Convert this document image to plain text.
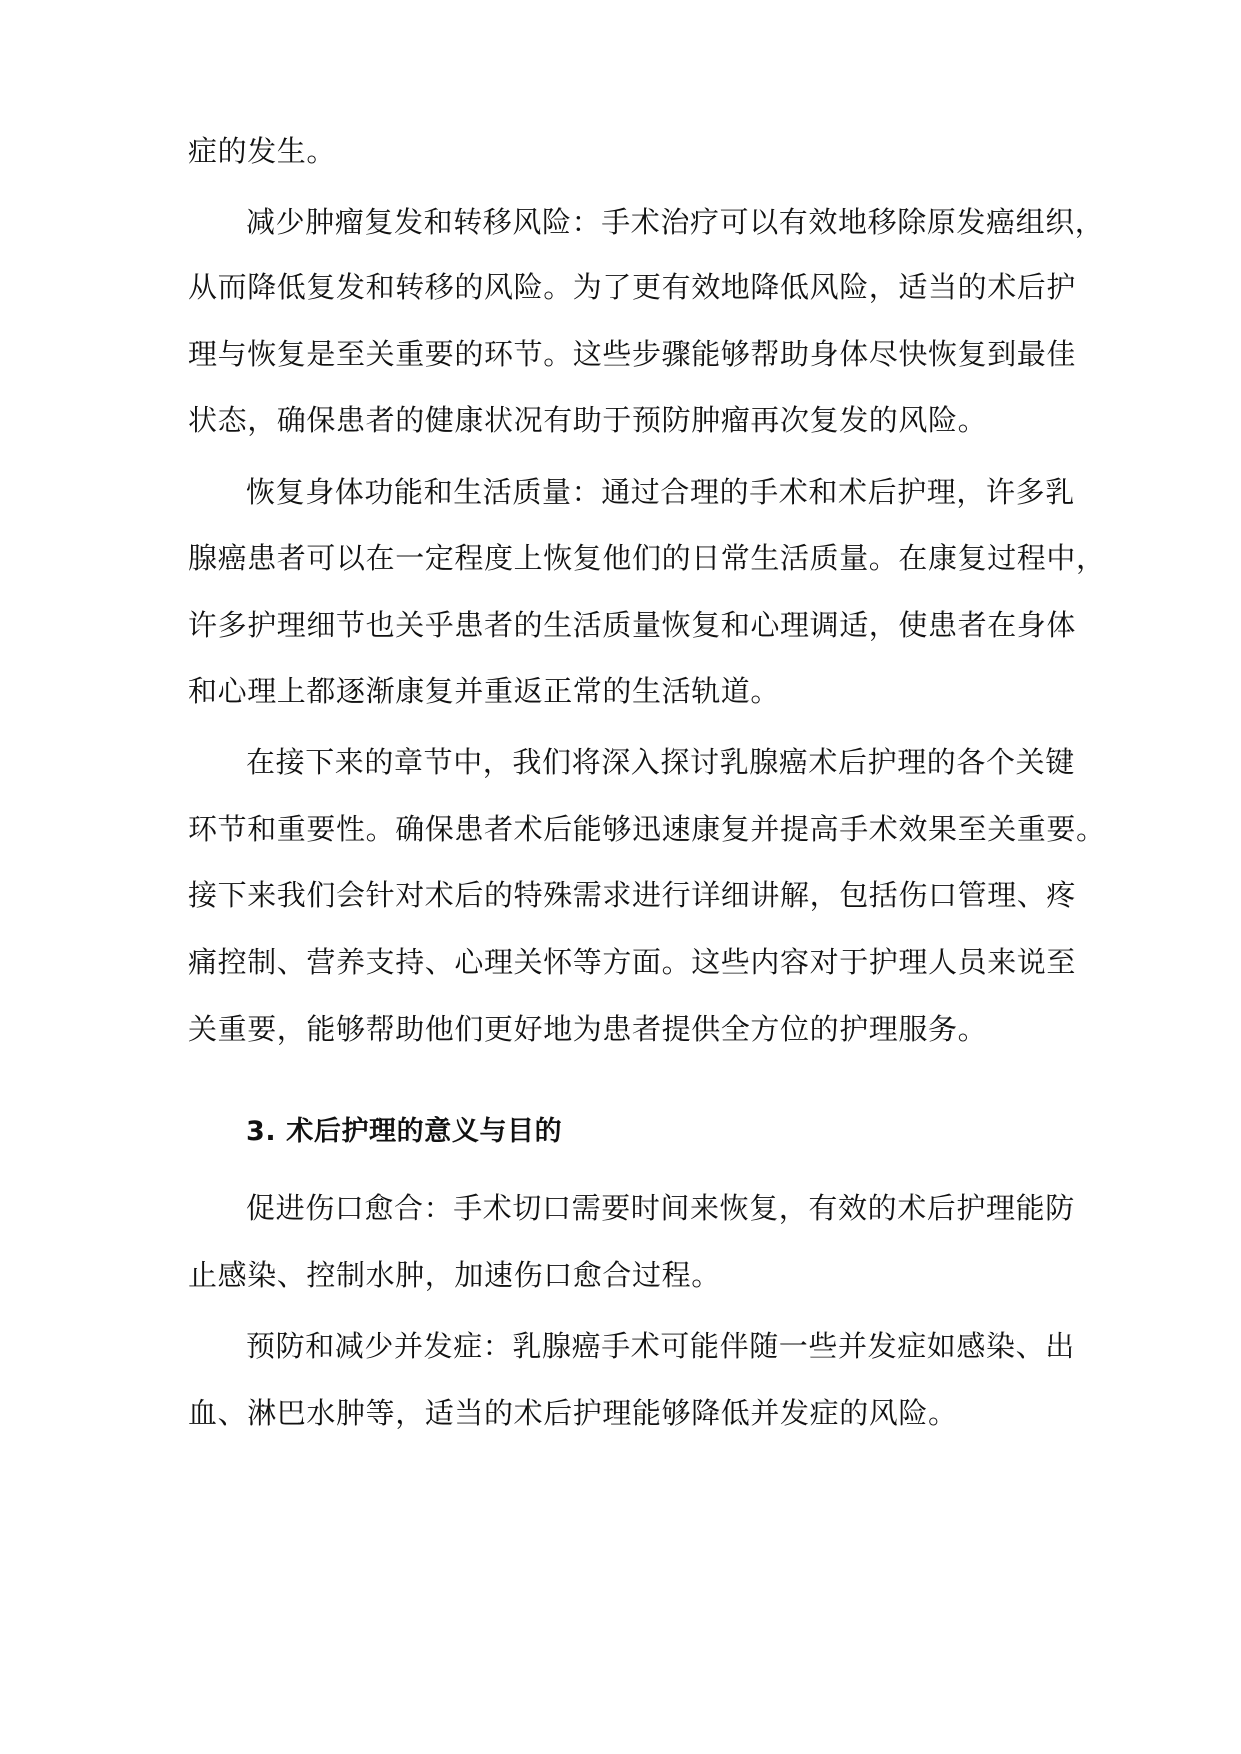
症的发生。
减少肿瘤复发和转移风险：手术治疗可以有效地移除原发癌组织，
从而降低复发和转移的风险。为了更有效地降低风险，适当的术后护
理与恢复是至关重要的环节。这些步骤能够帮助身体尽快恢复到最佳
状态，确保患者的健康状况有助于预防肿瘤再次复发的风险。
恢复身体功能和生活质量：通过合理的手术和术后护理，许多乳
腺癌患者可以在一定程度上恢复他们的日常生活质量。在康复过程中，
许多护理细节也关乎患者的生活质量恢复和心理调适，使患者在身体
和心理上都逐渐康复并重返正常的生活轨道。
在接下来的章节中，我们将深入探讨乳腺癌术后护理的各个关键
环节和重要性。确保患者术后能够迅速康复并提高手术效果至关重要。
接下来我们会针对术后的特殊需求进行详细讲解，包括伤口管理、疼
痛控制、营养支持、心理关怀等方面。这些内容对于护理人员来说至
关重要，能够帮助他们更好地为患者提供全方位的护理服务。
3. 术后护理的意义与目的
促进伤口愈合：手术切口需要时间来恢复，有效的术后护理能防
止感染、控制水肿，加速伤口愈合过程。
预防和减少并发症：乳腺癌手术可能伴随一些并发症如感染、出
血、淋巴水肿等，适当的术后护理能够降低并发症的风险。
